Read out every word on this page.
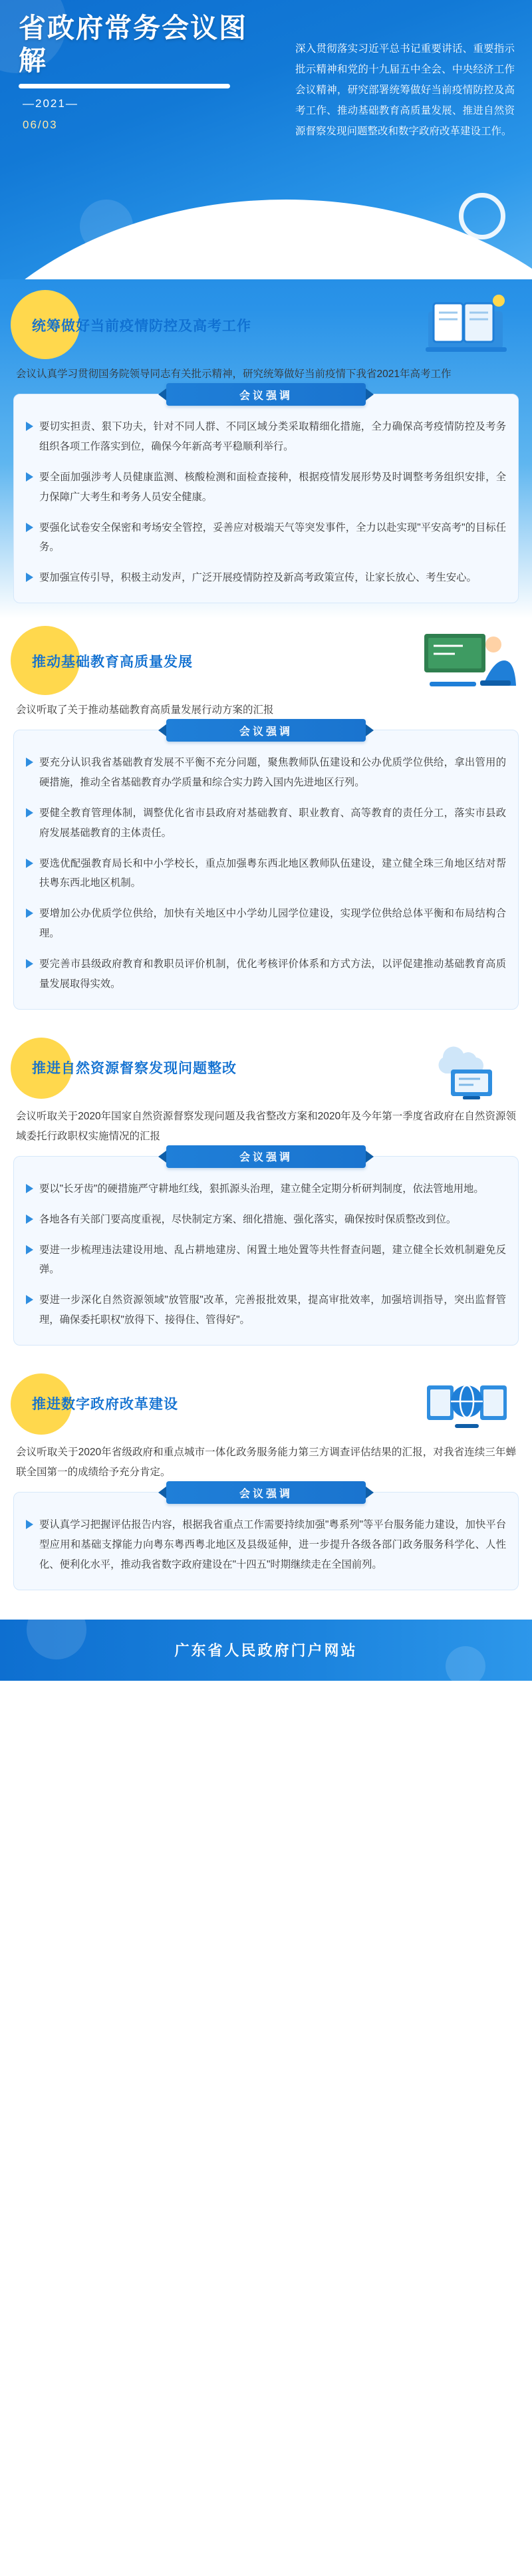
省政府常务会议图解
—2021—
06/03
深入贯彻落实习近平总书记重要讲话、重要指示批示精神和党的十九届五中全会、中央经济工作会议精神，研究部署统筹做好当前疫情防控及高考工作、推动基础教育高质量发展、推进自然资源督察发现问题整改和数字政府改革建设工作。
统筹做好当前疫情防控及高考工作
会议认真学习贯彻国务院领导同志有关批示精神，研究统筹做好当前疫情下我省2021年高考工作
会议强调
要切实担责、狠下功夫，针对不同人群、不同区域分类采取精细化措施，全力确保高考疫情防控及考务组织各项工作落实到位，确保今年新高考平稳顺利举行。
要全面加强涉考人员健康监测、核酸检测和面检查接种，根据疫情发展形势及时调整考务组织安排，全力保障广大考生和考务人员安全健康。
要强化试卷安全保密和考场安全管控，妥善应对极端天气等突发事件，全力以赴实现"平安高考"的目标任务。
要加强宣传引导，积极主动发声，广泛开展疫情防控及新高考政策宣传，让家长放心、考生安心。
推动基础教育高质量发展
会议听取了关于推动基础教育高质量发展行动方案的汇报
会议强调
要充分认识我省基础教育发展不平衡不充分问题，聚焦教师队伍建设和公办优质学位供给，拿出管用的硬措施，推动全省基础教育办学质量和综合实力跨入国内先进地区行列。
要健全教育管理体制，调整优化省市县政府对基础教育、职业教育、高等教育的责任分工，落实市县政府发展基础教育的主体责任。
要选优配强教育局长和中小学校长，重点加强粤东西北地区教师队伍建设，建立健全珠三角地区结对帮扶粤东西北地区机制。
要增加公办优质学位供给，加快有关地区中小学幼儿园学位建设，实现学位供给总体平衡和布局结构合理。
要完善市县级政府教育和教职员评价机制，优化考核评价体系和方式方法，以评促建推动基础教育高质量发展取得实效。
推进自然资源督察发现问题整改
会议听取关于2020年国家自然资源督察发现问题及我省整改方案和2020年及今年第一季度省政府在自然资源领域委托行政职权实施情况的汇报
会议强调
要以"长牙齿"的硬措施严守耕地红线，狠抓源头治理，建立健全定期分析研判制度，依法管地用地。
各地各有关部门要高度重视，尽快制定方案、细化措施、强化落实，确保按时保质整改到位。
要进一步梳理违法建设用地、乱占耕地建房、闲置土地处置等共性督查问题，建立健全长效机制避免反弹。
要进一步深化自然资源领域"放管服"改革，完善报批效果，提高审批效率，加强培训指导，突出监督管理，确保委托职权"放得下、接得住、管得好"。
推进数字政府改革建设
会议听取关于2020年省级政府和重点城市一体化政务服务能力第三方调查评估结果的汇报，对我省连续三年蝉联全国第一的成绩给予充分肯定。
会议强调
要认真学习把握评估报告内容，根据我省重点工作需要持续加强"粤系列"等平台服务能力建设，加快平台型应用和基础支撑能力向粤东粤西粤北地区及县级延伸，进一步提升各级各部门政务服务科学化、人性化、便利化水平，推动我省数字政府建设在"十四五"时期继续走在全国前列。
广东省人民政府门户网站
